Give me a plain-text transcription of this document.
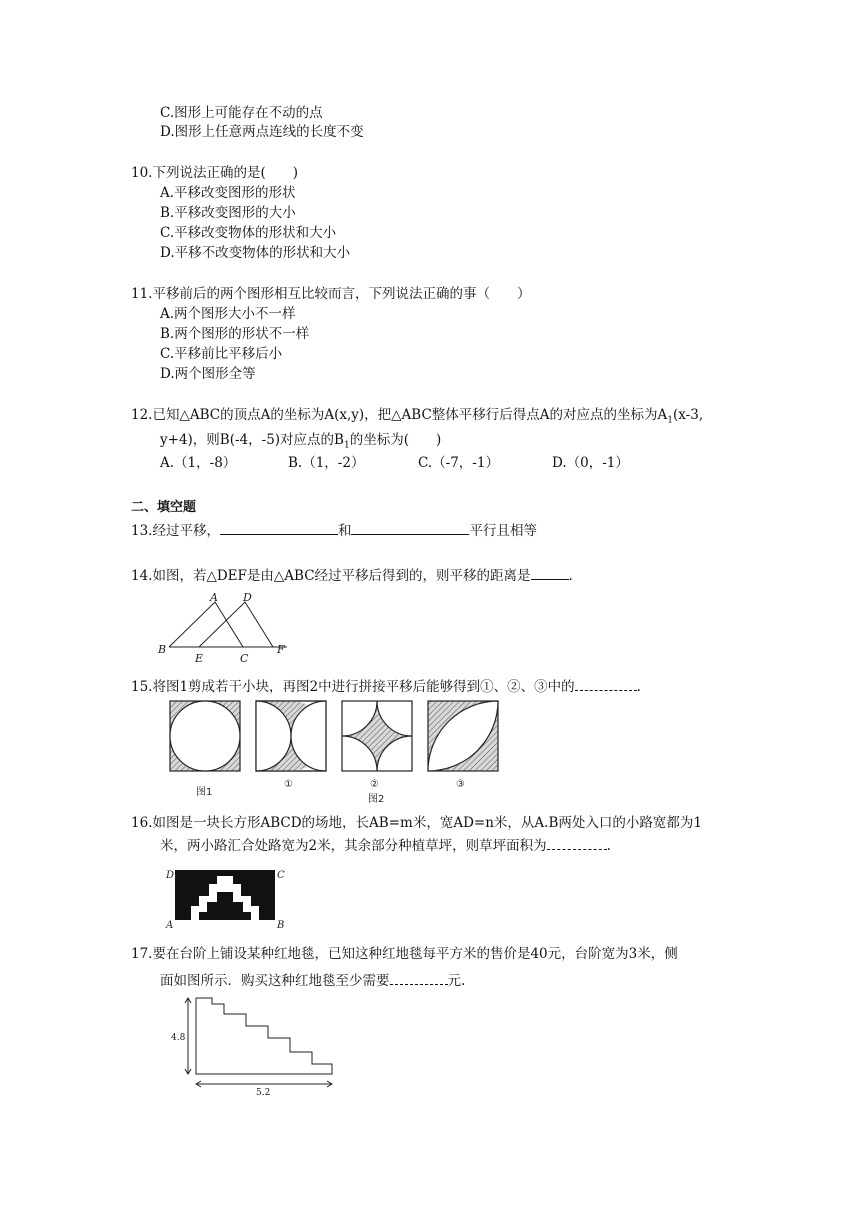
C.图形上可能存在不动的点
D.图形上任意两点连线的长度不变
10.下列说法正确的是(　　)
A.平移改变图形的形状
B.平移改变图形的大小
C.平移改变物体的形状和大小
D.平移不改变物体的形状和大小
11.平移前后的两个图形相互比较而言，下列说法正确的事（　　）
A.两个图形大小不一样
B.两个图形的形状不一样
C.平移前比平移后小
D.两个图形全等
12.已知△ABC的顶点A的坐标为A(x,y)，把△ABC整体平移行后得点A的对应点的坐标为$A_1(x-3$,
y+4)，则B(-4，-5)对应点的$B_1$的坐标为(　　)
A.（1，-8）	B.（1，-2）	C.（-7，-1）	D.（0，-1）
二、填空题
13.经过平移，	和	平行且相等
14.如图，若△DEF是由△ABC经过平移后得到的，则平移的距离是	.
A D
B
E	C
F
15.将图1剪成若干小块，再图2中进行拼接平移后能够得到①、②、③中的	.
图1
①	②	③
图2
16.如图是一块长方形ABCD的场地，长AB=m米，宽AD=n米，从A.B两处入口的小路宽都为1
米，两小路汇合处路宽为2米，其余部分种植草坪，则草坪面积为	.
D	C
A	B
17.要在台阶上铺设某种红地毯，已知这种红地毯每平方米的售价是40元，台阶宽为3米，侧
面如图所示．购买这种红地毯至少需要	元.
4.8
5.2
